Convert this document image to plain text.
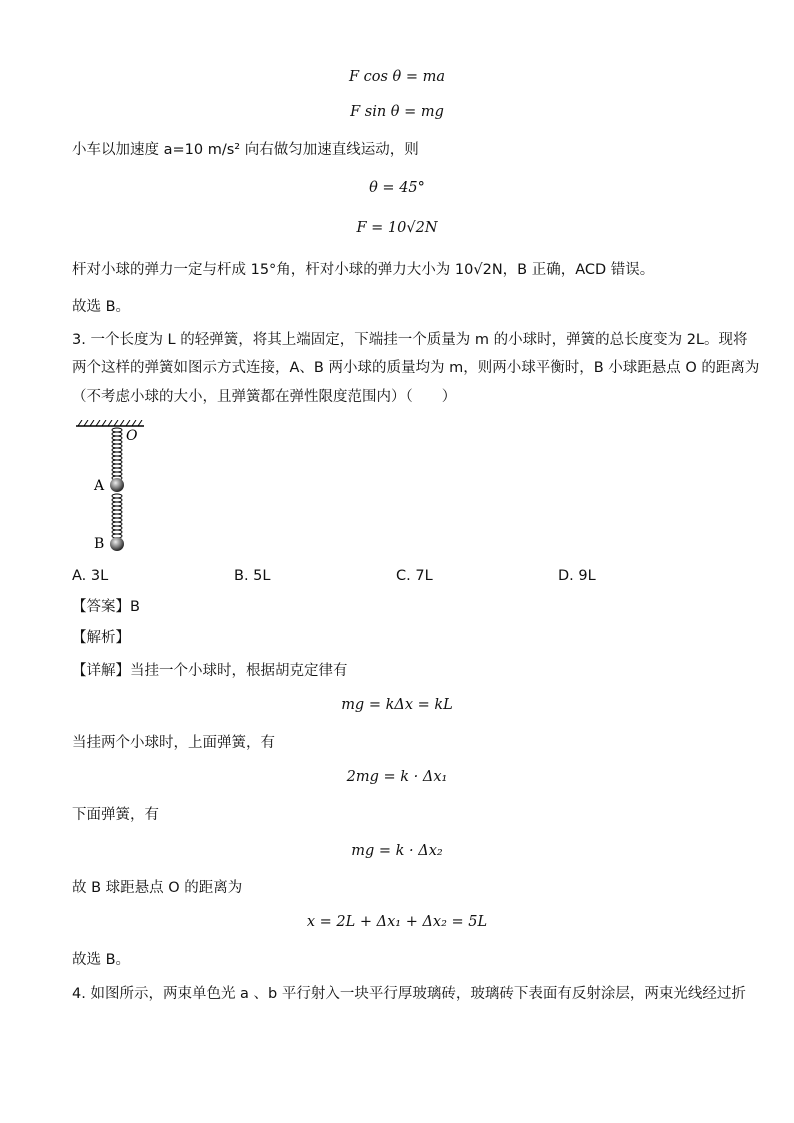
F cos θ = ma
F sin θ = mg
小车以加速度 a=10 m/s² 向右做匀加速直线运动，则
θ = 45°
F = 10√2N
杆对小球的弹力一定与杆成 15°角，杆对小球的弹力大小为 10√2N，B 正确，ACD 错误。
故选 B。
3. 一个长度为 L 的轻弹簧，将其上端固定，下端挂一个质量为 m 的小球时，弹簧的总长度变为 2L。现将
两个这样的弹簧如图示方式连接，A、B 两小球的质量均为 m，则两小球平衡时，B 小球距悬点 O 的距离为
（不考虑小球的大小，且弹簧都在弹性限度范围内）（　　）
O
A
B
A. 3L	B. 5L	C. 7L	D. 9L
【答案】B
【解析】
【详解】当挂一个小球时，根据胡克定律有
mg = kΔx = kL
当挂两个小球时，上面弹簧，有
2mg = k · Δx₁
下面弹簧，有
mg = k · Δx₂
故 B 球距悬点 O 的距离为
x = 2L + Δx₁ + Δx₂ = 5L
故选 B。
4. 如图所示，两束单色光 a 、b 平行射入一块平行厚玻璃砖，玻璃砖下表面有反射涂层，两束光线经过折
